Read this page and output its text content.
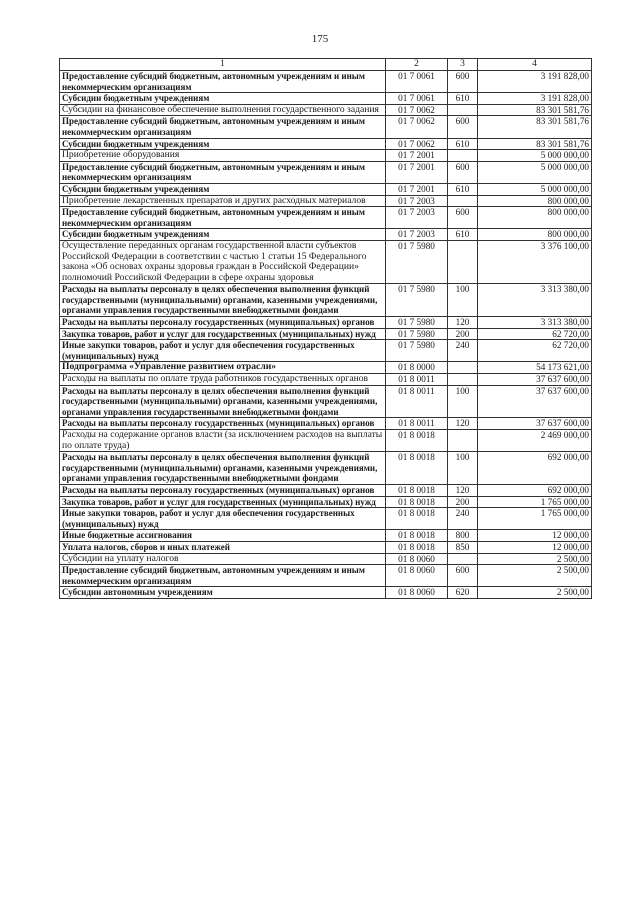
175
1	2	3	4
Предоставление субсидий бюджетным, автономным учреждениям и иным некоммерческим организациям	01 7 0061	600	3 191 828,00
Субсидии бюджетным учреждениям	01 7 0061	610	3 191 828,00
Субсидии на финансовое обеспечение выполнения государственного задания	01 7 0062		83 301 581,76
Предоставление субсидий бюджетным, автономным учреждениям и иным некоммерческим организациям	01 7 0062	600	83 301 581,76
Субсидии бюджетным учреждениям	01 7 0062	610	83 301 581,76
Приобретение оборудования	01 7 2001		5 000 000,00
Предоставление субсидий бюджетным, автономным учреждениям и иным некоммерческим организациям	01 7 2001	600	5 000 000,00
Субсидии бюджетным учреждениям	01 7 2001	610	5 000 000,00
Приобретение лекарственных препаратов и других расходных материалов	01 7 2003		800 000,00
Предоставление субсидий бюджетным, автономным учреждениям и иным некоммерческим организациям	01 7 2003	600	800 000,00
Субсидии бюджетным учреждениям	01 7 2003	610	800 000,00
Осуществление переданных органам государственной власти субъектов Российской Федерации в соответствии с частью 1 статьи 15 Федерального закона «Об основах охраны здоровья граждан в Российской Федерации» полномочий Российской Федерации в сфере охраны здоровья	01 7 5980		3 376 100,00
Расходы на выплаты персоналу в целях обеспечения выполнения функций государственными (муниципальными) органами, казенными учреждениями, органами управления государственными внебюджетными фондами	01 7 5980	100	3 313 380,00
Расходы на выплаты персоналу государственных (муниципальных) органов	01 7 5980	120	3 313 380,00
Закупка товаров, работ и услуг для государственных (муниципальных) нужд	01 7 5980	200	62 720,00
Иные закупки товаров, работ и услуг для обеспечения государственных (муниципальных) нужд	01 7 5980	240	62 720,00
Подпрограмма «Управление развитием отрасли»	01 8 0000		54 173 621,00
Расходы на выплаты по оплате труда работников государственных органов	01 8 0011		37 637 600,00
Расходы на выплаты персоналу в целях обеспечения выполнения функций государственными (муниципальными) органами, казенными учреждениями, органами управления государственными внебюджетными фондами	01 8 0011	100	37 637 600,00
Расходы на выплаты персоналу государственных (муниципальных) органов	01 8 0011	120	37 637 600,00
Расходы на содержание органов власти (за исключением расходов на выплаты по оплате труда)	01 8 0018		2 469 000,00
Расходы на выплаты персоналу в целях обеспечения выполнения функций государственными (муниципальными) органами, казенными учреждениями, органами управления государственными внебюджетными фондами	01 8 0018	100	692 000,00
Расходы на выплаты персоналу государственных (муниципальных) органов	01 8 0018	120	692 000,00
Закупка товаров, работ и услуг для государственных (муниципальных) нужд	01 8 0018	200	1 765 000,00
Иные закупки товаров, работ и услуг для обеспечения государственных (муниципальных) нужд	01 8 0018	240	1 765 000,00
Иные бюджетные ассигнования	01 8 0018	800	12 000,00
Уплата налогов, сборов и иных платежей	01 8 0018	850	12 000,00
Субсидии на уплату налогов	01 8 0060		2 500,00
Предоставление субсидий бюджетным, автономным учреждениям и иным некоммерческим организациям	01 8 0060	600	2 500,00
Субсидии автономным учреждениям	01 8 0060	620	2 500,00
